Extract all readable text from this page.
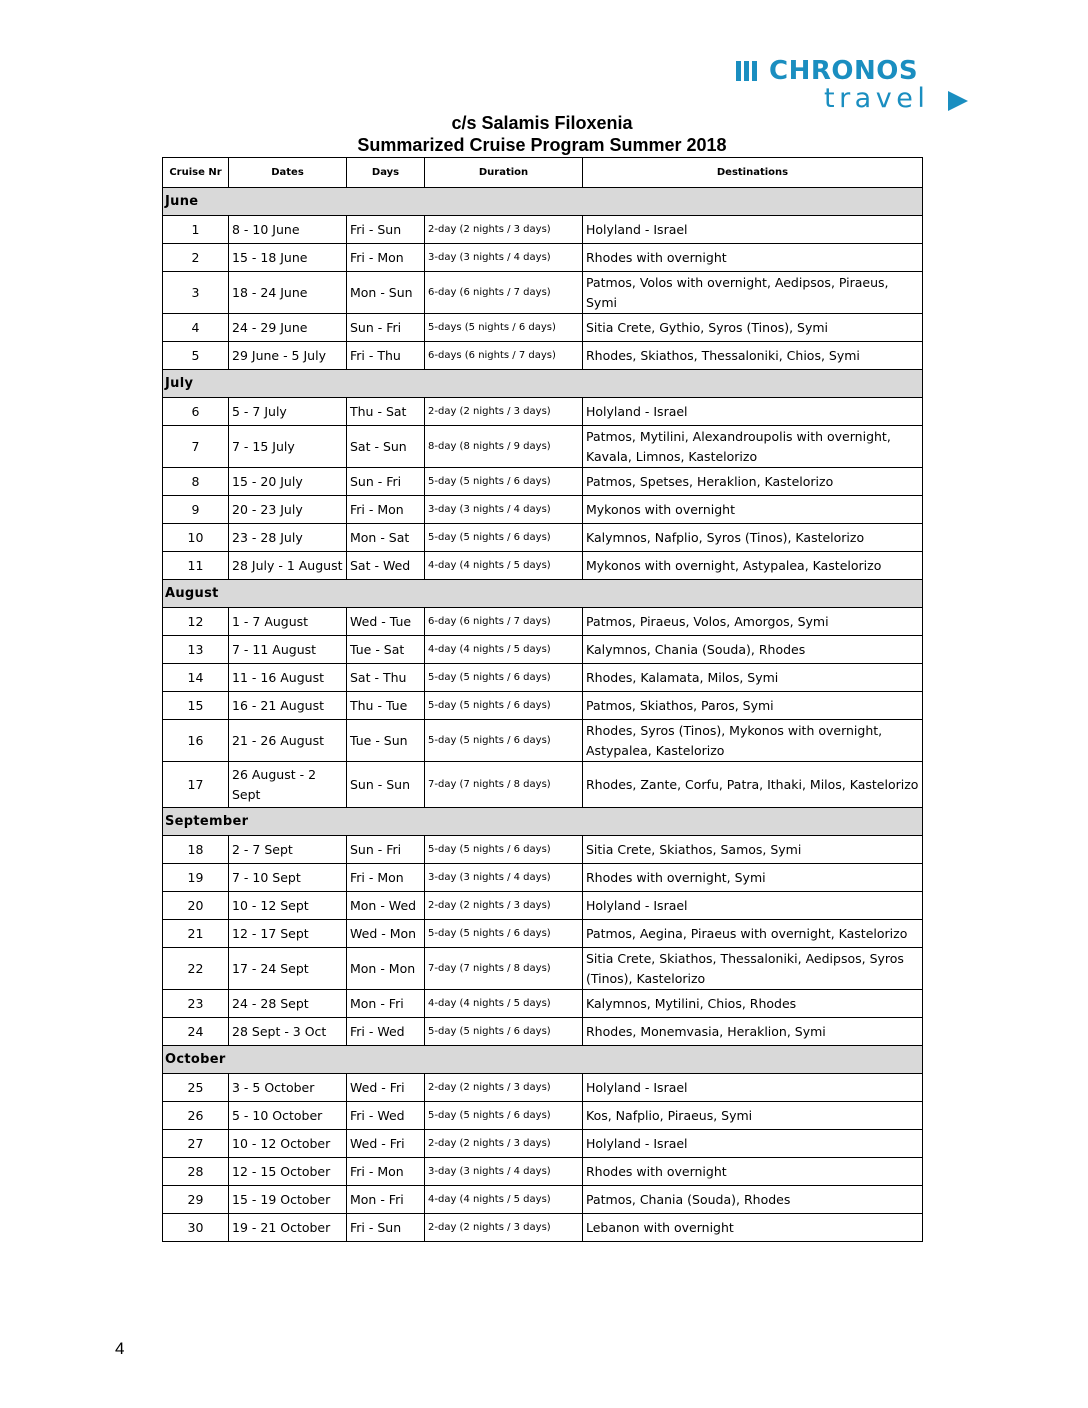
CHRONOS
travel
c/s Salamis Filoxenia
Summarized Cruise Program Summer 2018
Cruise Nr	Dates	Days	Duration	Destinations
June				
1	8 - 10 June	Fri - Sun	2-day (2 nights / 3 days)	Holyland - Israel
2	15 - 18 June	Fri - Mon	3-day (3 nights / 4 days)	Rhodes with overnight
3	18 - 24 June	Mon - Sun	6-day (6 nights / 7 days)	Patmos, Volos with overnight, Aedipsos, Piraeus, Symi
4	24 - 29 June	Sun - Fri	5-days (5 nights / 6 days)	Sitia Crete, Gythio, Syros (Tinos), Symi
5	29 June - 5 July	Fri - Thu	6-days (6 nights / 7 days)	Rhodes, Skiathos, Thessaloniki, Chios, Symi
July				
6	5 - 7 July	Thu - Sat	2-day (2 nights / 3 days)	Holyland - Israel
7	7 - 15 July	Sat - Sun	8-day (8 nights / 9 days)	Patmos, Mytilini, Alexandroupolis with overnight, Kavala, Limnos, Kastelorizo
8	15 - 20 July	Sun - Fri	5-day (5 nights / 6 days)	Patmos, Spetses, Heraklion, Kastelorizo
9	20 - 23 July	Fri - Mon	3-day (3 nights / 4 days)	Mykonos with overnight
10	23 - 28 July	Mon - Sat	5-day (5 nights / 6 days)	Kalymnos, Nafplio, Syros (Tinos), Kastelorizo
11	28 July - 1 August	Sat - Wed	4-day (4 nights / 5 days)	Mykonos with overnight, Astypalea, Kastelorizo
August				
12	1 - 7 August	Wed - Tue	6-day (6 nights / 7 days)	Patmos, Piraeus, Volos, Amorgos, Symi
13	7 - 11 August	Tue - Sat	4-day (4 nights / 5 days)	Kalymnos, Chania (Souda), Rhodes
14	11 - 16 August	Sat - Thu	5-day (5 nights / 6 days)	Rhodes, Kalamata, Milos, Symi
15	16 - 21 August	Thu - Tue	5-day (5 nights / 6 days)	Patmos, Skiathos, Paros, Symi
16	21 - 26 August	Tue - Sun	5-day (5 nights / 6 days)	Rhodes, Syros (Tinos), Mykonos with overnight, Astypalea, Kastelorizo
17	26 August - 2 Sept	Sun - Sun	7-day (7 nights / 8 days)	Rhodes, Zante, Corfu, Patra, Ithaki, Milos, Kastelorizo
September				
18	2 - 7 Sept	Sun - Fri	5-day (5 nights / 6 days)	Sitia Crete, Skiathos, Samos, Symi
19	7 - 10 Sept	Fri - Mon	3-day (3 nights / 4 days)	Rhodes with overnight, Symi
20	10 - 12 Sept	Mon - Wed	2-day (2 nights / 3 days)	Holyland - Israel
21	12 - 17 Sept	Wed - Mon	5-day (5 nights / 6 days)	Patmos, Aegina, Piraeus with overnight, Kastelorizo
22	17 - 24 Sept	Mon - Mon	7-day (7 nights / 8 days)	Sitia Crete, Skiathos, Thessaloniki, Aedipsos, Syros (Tinos), Kastelorizo
23	24 - 28 Sept	Mon - Fri	4-day (4 nights / 5 days)	Kalymnos, Mytilini, Chios, Rhodes
24	28 Sept - 3 Oct	Fri - Wed	5-day (5 nights / 6 days)	Rhodes, Monemvasia, Heraklion, Symi
October				
25	3 - 5 October	Wed - Fri	2-day (2 nights / 3 days)	Holyland - Israel
26	5 - 10 October	Fri - Wed	5-day (5 nights / 6 days)	Kos, Nafplio, Piraeus, Symi
27	10 - 12 October	Wed - Fri	2-day (2 nights / 3 days)	Holyland - Israel
28	12 - 15 October	Fri - Mon	3-day (3 nights / 4 days)	Rhodes with overnight
29	15 - 19 October	Mon - Fri	4-day (4 nights / 5 days)	Patmos, Chania (Souda), Rhodes
30	19 - 21 October	Fri - Sun	2-day (2 nights / 3 days)	Lebanon with overnight
4
